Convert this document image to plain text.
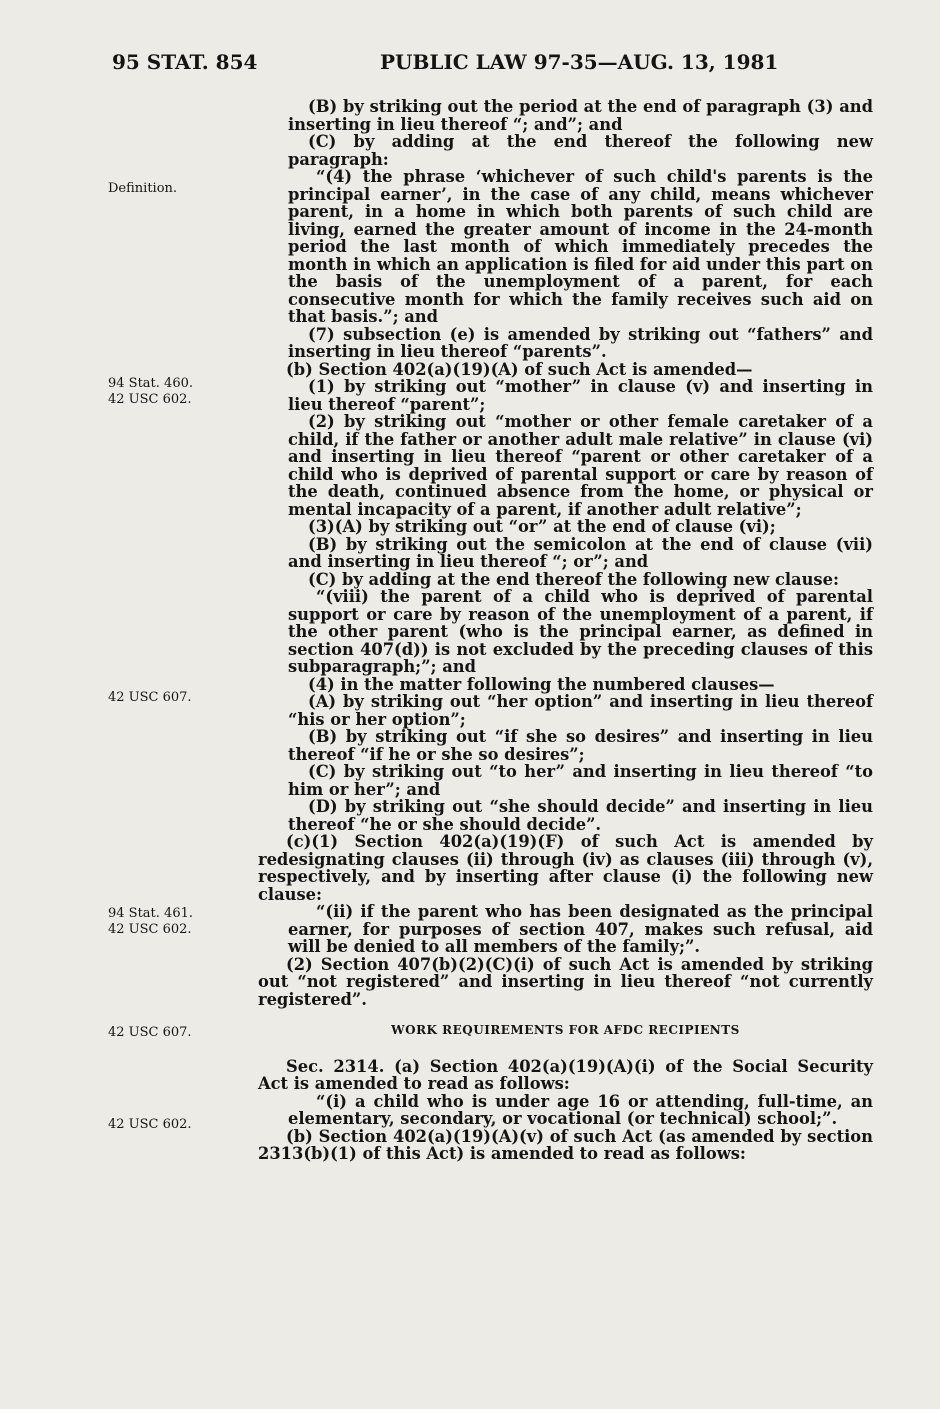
95 STAT. 854	PUBLIC LAW 97-35—AUG. 13, 1981
Definition.
94 Stat. 460.
42 USC 602.
42 USC 607.
94 Stat. 461.
42 USC 602.
42 USC 607.
42 USC 602.

(B) by striking out the period at the end of paragraph (3) and inserting in lieu thereof “; and”; and

(C) by adding at the end thereof the following new paragraph:

“(4) the phrase ‘whichever of such child's parents is the principal earner’, in the case of any child, means whichever parent, in a home in which both parents of such child are living, earned the greater amount of income in the 24-month period the last month of which immediately precedes the month in which an application is filed for aid under this part on the basis of the unemployment of a parent, for each consecutive month for which the family receives such aid on that basis.”; and

(7) subsection (e) is amended by striking out “fathers” and inserting in lieu thereof “parents”.

(b) Section 402(a)(19)(A) of such Act is amended—

(1) by striking out “mother” in clause (v) and inserting in lieu thereof “parent”;

(2) by striking out “mother or other female caretaker of a child, if the father or another adult male relative” in clause (vi) and inserting in lieu thereof “parent or other caretaker of a child who is deprived of parental support or care by reason of the death, continued absence from the home, or physical or mental incapacity of a parent, if another adult relative”;

(3)(A) by striking out “or” at the end of clause (vi);

(B) by striking out the semicolon at the end of clause (vii) and inserting in lieu thereof “; or”; and

(C) by adding at the end thereof the following new clause:

“(viii) the parent of a child who is deprived of parental support or care by reason of the unemployment of a parent, if the other parent (who is the principal earner, as defined in section 407(d)) is not excluded by the preceding clauses of this subparagraph;”; and

(4) in the matter following the numbered clauses—

(A) by striking out “her option” and inserting in lieu thereof “his or her option”;

(B) by striking out “if she so desires” and inserting in lieu thereof “if he or she so desires”;

(C) by striking out “to her” and inserting in lieu thereof “to him or her”; and

(D) by striking out “she should decide” and inserting in lieu thereof “he or she should decide”.

(c)(1) Section 402(a)(19)(F) of such Act is amended by redesignating clauses (ii) through (iv) as clauses (iii) through (v), respectively, and by inserting after clause (i) the following new clause:

“(ii) if the parent who has been designated as the principal earner, for purposes of section 407, makes such refusal, aid will be denied to all members of the family;”.

(2) Section 407(b)(2)(C)(i) of such Act is amended by striking out “not registered” and inserting in lieu thereof “not currently registered”.

WORK REQUIREMENTS FOR AFDC RECIPIENTS

Sec. 2314. (a) Section 402(a)(19)(A)(i) of the Social Security Act is amended to read as follows:

“(i) a child who is under age 16 or attending, full-time, an elementary, secondary, or vocational (or technical) school;”.

(b) Section 402(a)(19)(A)(v) of such Act (as amended by section 2313(b)(1) of this Act) is amended to read as follows:
